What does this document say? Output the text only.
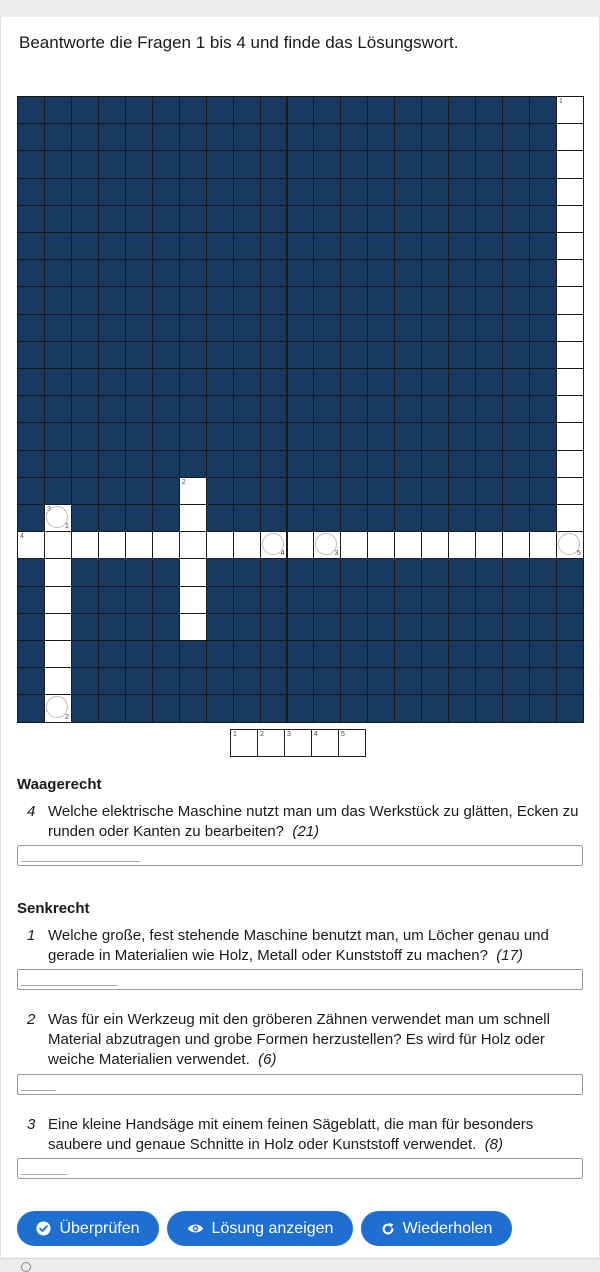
Beantworte die Fragen 1 bis 4 und finde das Lösungswort.
1
2
3
1
4
4	3	5
2
1	2	3	4	5
Waagerecht
4 Welche elektrische Maschine nutzt man um das Werkstück zu glätten, Ecken zu runden oder Kanten zu bearbeiten? (21)
_____________________
Senkrecht
1 Welche große, fest stehende Maschine benutzt man, um Löcher genau und gerade in Materialien wie Holz, Metall oder Kunststoff zu machen? (17)
_________________
2 Was für ein Werkzeug mit den gröberen Zähnen verwendet man um schnell Material abzutragen und grobe Formen herzustellen? Es wird für Holz oder weiche Materialien verwendet. (6)
______
3 Eine kleine Handsäge mit einem feinen Sägeblatt, die man für besonders saubere und genaue Schnitte in Holz oder Kunststoff verwendet. (8)
________
Überprüfen	Lösung anzeigen	Wiederholen
